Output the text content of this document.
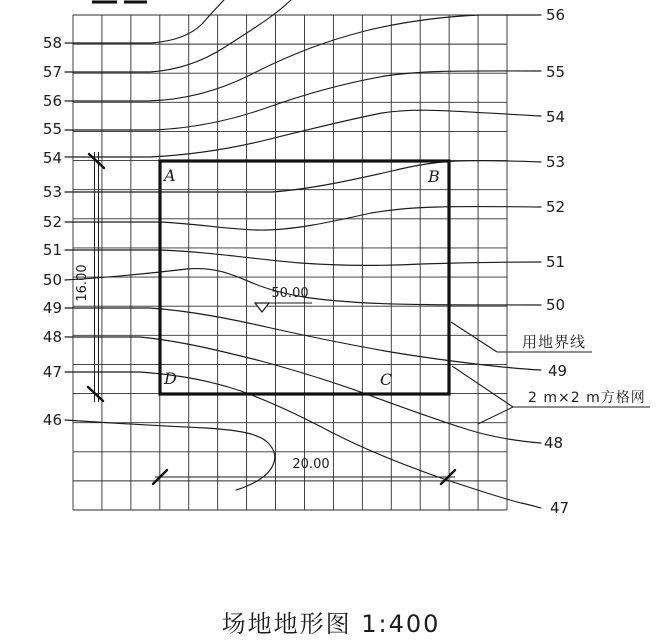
58
57
56
55
54
53
52
51
50
49
48
47
46
56
55
54
53
52
51
50
49
48
47
A	B
C
D
16.00
20.00
50.00
用地界线
2 m×2 m方格网
场地地形图 1:400
